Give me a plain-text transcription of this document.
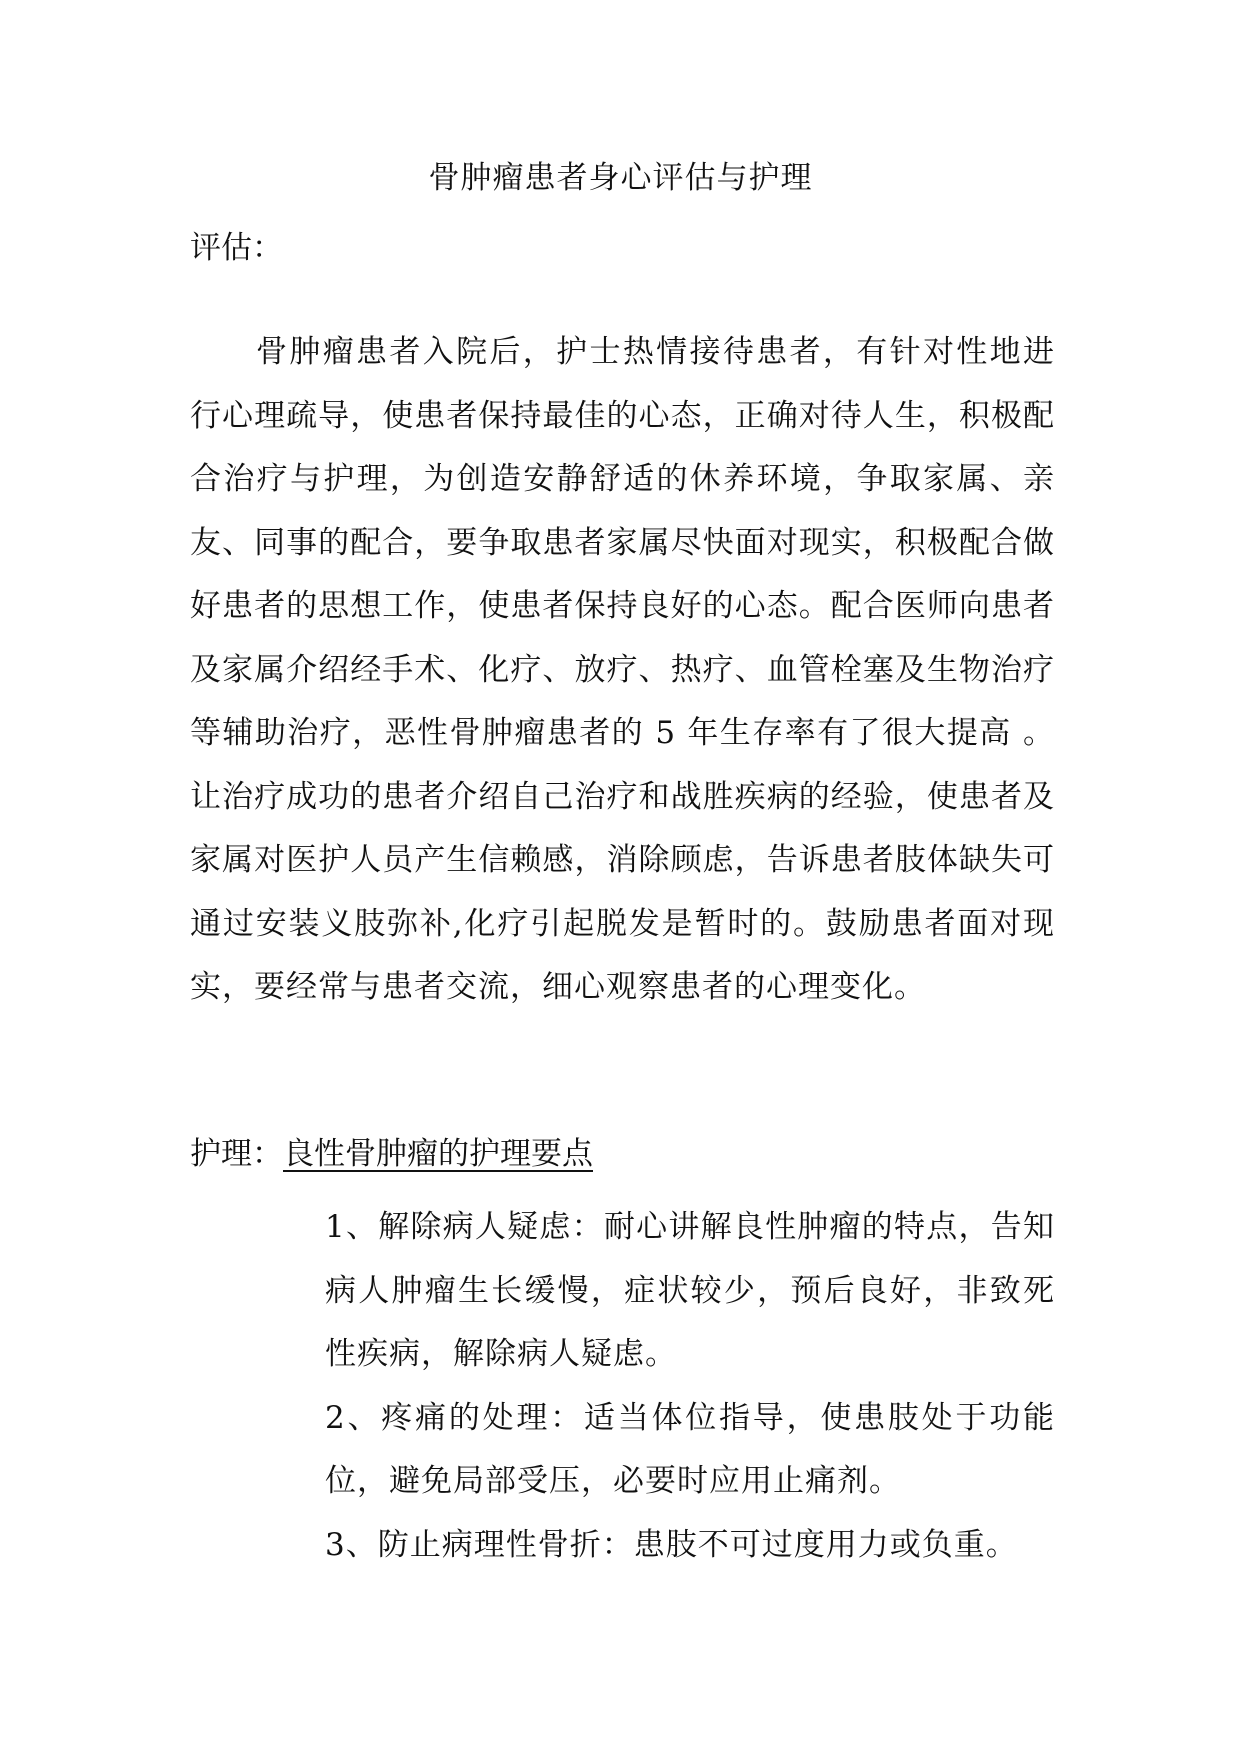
骨肿瘤患者身心评估与护理
评估：

骨肿瘤患者入院后，护士热情接待患者，有针对性地进行心理疏导，使患者保持最佳的心态，正确对待人生，积极配合治疗与护理，为创造安静舒适的休养环境，争取家属、亲友、同事的配合，要争取患者家属尽快面对现实，积极配合做好患者的思想工作，使患者保持良好的心态。配合医师向患者及家属介绍经手术、化疗、放疗、热疗、血管栓塞及生物治疗等辅助治疗，恶性骨肿瘤患者的 5 年生存率有了很大提高 。让治疗成功的患者介绍自己治疗和战胜疾病的经验，使患者及家属对医护人员产生信赖感，消除顾虑，告诉患者肢体缺失可通过安装义肢弥补,化疗引起脱发是暂时的。鼓励患者面对现实，要经常与患者交流，细心观察患者的心理变化。

护理：良性骨肿瘤的护理要点

1、解除病人疑虑：耐心讲解良性肿瘤的特点，告知病人肿瘤生长缓慢，症状较少，预后良好，非致死性疾病，解除病人疑虑。

2、疼痛的处理：适当体位指导，使患肢处于功能位，避免局部受压，必要时应用止痛剂。

3、防止病理性骨折：患肢不可过度用力或负重。
